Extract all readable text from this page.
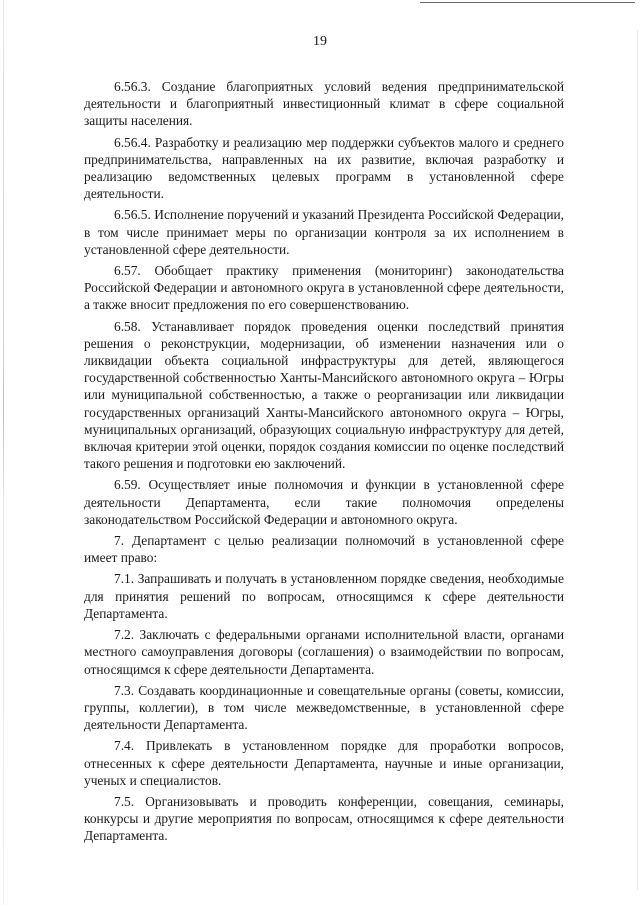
19

6.56.3. Создание благоприятных условий ведения предпринимательской деятельности и благоприятный инвестиционный климат в сфере социальной защиты населения.

6.56.4. Разработку и реализацию мер поддержки субъектов малого и среднего предпринимательства, направленных на их развитие, включая разработку и реализацию ведомственных целевых программ в установленной сфере деятельности.

6.56.5. Исполнение поручений и указаний Президента Российской Федерации, в том числе принимает меры по организации контроля за их исполнением в установленной сфере деятельности.

6.57. Обобщает практику применения (мониторинг) законодательства Российской Федерации и автономного округа в установленной сфере деятельности, а также вносит предложения по его совершенствованию.

6.58. Устанавливает порядок проведения оценки последствий принятия решения о реконструкции, модернизации, об изменении назначения или о ликвидации объекта социальной инфраструктуры для детей, являющегося государственной собственностью Ханты-Мансийского автономного округа – Югры или муниципальной собственностью, а также о реорганизации или ликвидации государственных организаций Ханты-Мансийского автономного округа – Югры, муниципальных организаций, образующих социальную инфраструктуру для детей, включая критерии этой оценки, порядок создания комиссии по оценке последствий такого решения и подготовки ею заключений.

6.59. Осуществляет иные полномочия и функции в установленной сфере деятельности Департамента, если такие полномочия определены законодательством Российской Федерации и автономного округа.

7. Департамент с целью реализации полномочий в установленной сфере имеет право:

7.1. Запрашивать и получать в установленном порядке сведения, необходимые для принятия решений по вопросам, относящимся к сфере деятельности Департамента.

7.2. Заключать с федеральными органами исполнительной власти, органами местного самоуправления договоры (соглашения) о взаимодействии по вопросам, относящимся к сфере деятельности Департамента.

7.3. Создавать координационные и совещательные органы (советы, комиссии, группы, коллегии), в том числе межведомственные, в установленной сфере деятельности Департамента.

7.4. Привлекать в установленном порядке для проработки вопросов, отнесенных к сфере деятельности Департамента, научные и иные организации, ученых и специалистов.

7.5. Организовывать и проводить конференции, совещания, семинары, конкурсы и другие мероприятия по вопросам, относящимся к сфере деятельности Департамента.
